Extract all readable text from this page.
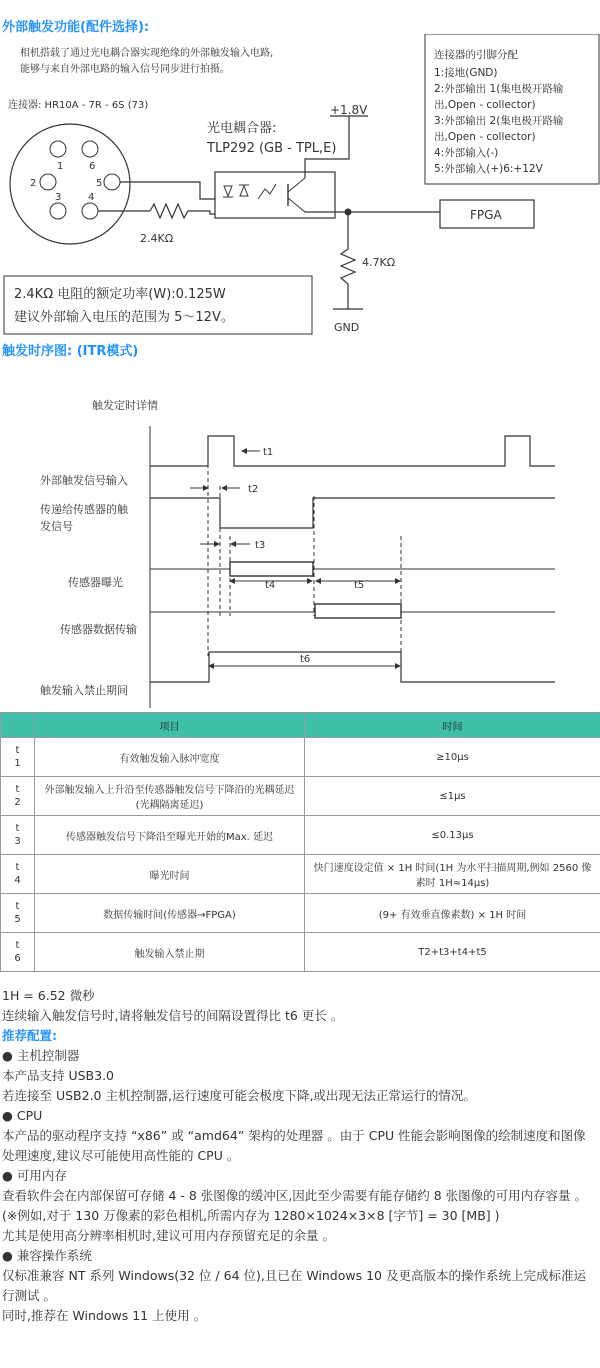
外部触发功能(配件选择):
相机搭载了通过光电耦合器实现绝缘的外部触发输入电路,
能够与来自外部电路的输入信号同步进行拍摄。
连接器: HR10A - 7R - 6S (73)
1	6
2	5
3	4
2.4KΩ
光电耦合器:
TLP292 (GB - TPL,E)
+1.8V
FPGA
4.7KΩ
GND
连接器的引脚分配
1:接地(GND)
2:外部输出 1(集电极开路输
出,Open - collector)
3:外部输出 2(集电极开路输
出,Open - collector)
4:外部输入(-)
5:外部输入(+)6:+12V
2.4KΩ 电阻的额定功率(W):0.125W
建议外部输入电压的范围为 5～12V。
触发时序图: (ITR模式)
触发定时详情
外部触发信号输入
t1
传递给传感器的触
发信号
t2
t3
传感器曝光	t4	t5
传感器数据传输
t6
触发输入禁止期间
	项目	时间
t
1	有效触发输入脉冲宽度	≥10μs
t
2	外部触发输入上升沿至传感器触发信号下降沿的光耦延迟(光耦隔离延迟)	≤1μs
t
3	传感器触发信号下降沿至曝光开始的Max. 延迟	≤0.13μs
t
4	曝光时间	快门速度设定值 × 1H 时间(1H 为水平扫描周期,例如 2560 像素时 1H≈14μs)
t
5	数据传输时间(传感器→FPGA)	(9+ 有效垂直像素数) × 1H 时间
t
6	触发输入禁止期	T2+t3+t4+t5
1H = 6.52 微秒
连续输入触发信号时,请将触发信号的间隔设置得比 t6 更长 。
推荐配置:
● 主机控制器
本产品支持 USB3.0
若连接至 USB2.0 主机控制器,运行速度可能会极度下降,或出现无法正常运行的情况。
● CPU
本产品的驱动程序支持 “x86” 或 “amd64” 架构的处理器 。由于 CPU 性能会影响图像的绘制速度和图像处理速度,建议尽可能使用高性能的 CPU 。
● 可用内存
查看软件会在内部保留可存储 4 - 8 张图像的缓冲区,因此至少需要有能存储约 8 张图像的可用内存容量 。
(※例如,对于 130 万像素的彩色相机,所需内存为 1280×1024×3×8 [字节] = 30 [MB] )
尤其是使用高分辨率相机时,建议可用内存预留充足的余量 。
● 兼容操作系统
仅标准兼容 NT 系列 Windows(32 位 / 64 位),且已在 Windows 10 及更高版本的操作系统上完成标准运行测试 。
同时,推荐在 Windows 11 上使用 。
